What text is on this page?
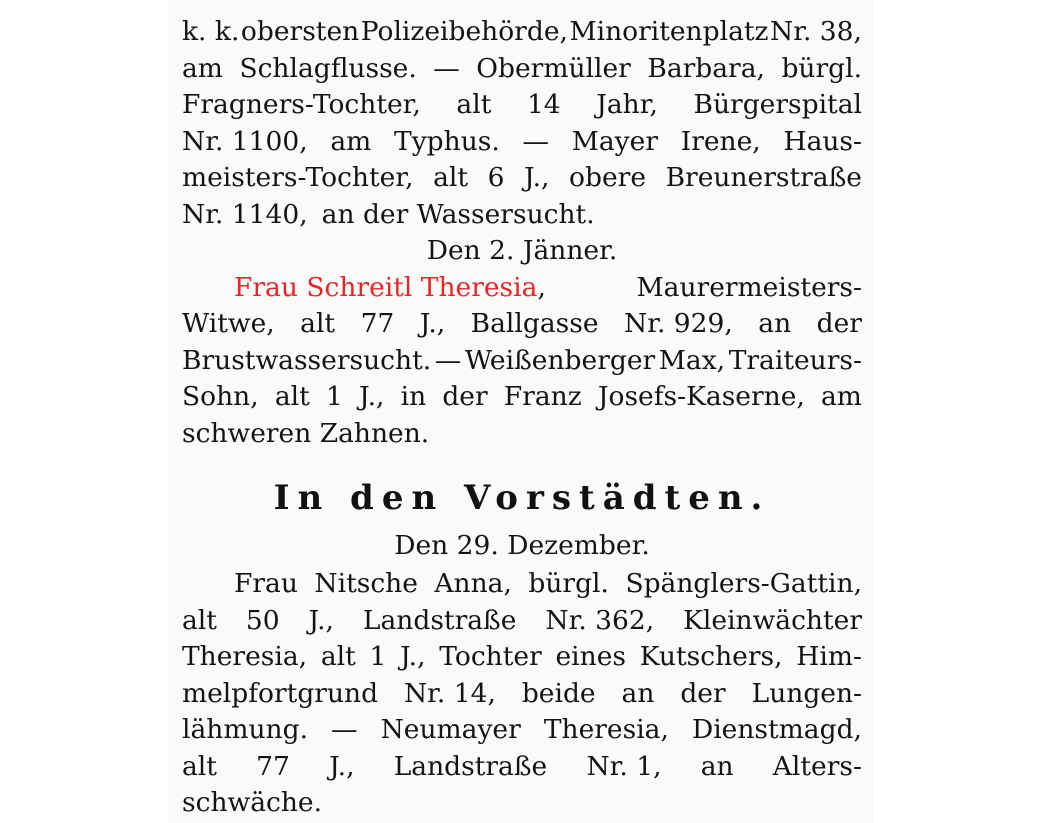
k. k. obersten Polizeibehörde, Minoritenplatz Nr. 38,
am Schlagflusse. — Obermüller Barbara, bürgl.
Fragners-Tochter, alt 14 Jahr, Bürgerspital
Nr. 1100, am Typhus. — Mayer Irene, Haus-
meisters-Tochter, alt 6 J., obere Breunerstraße
Nr. 1140, an der Wassersucht.
Den 2. Jänner.
Frau Schreitl Theresia,	Maurermeisters-
Witwe, alt 77 J., Ballgasse Nr. 929, an der
Brustwassersucht. — Weißenberger Max, Traiteurs-
Sohn, alt 1 J., in der Franz Josefs-Kaserne, am
schweren Zahnen.
In den Vorstädten.
Den 29. Dezember.
Frau Nitsche Anna, bürgl. Spänglers-Gattin,
alt 50 J., Landstraße Nr. 362, Kleinwächter
Theresia, alt 1 J., Tochter eines Kutschers, Him-
melpfortgrund Nr. 14, beide an der Lungen-
lähmung. — Neumayer Theresia, Dienstmagd,
alt 77 J., Landstraße Nr. 1, an Alters-
schwäche.
